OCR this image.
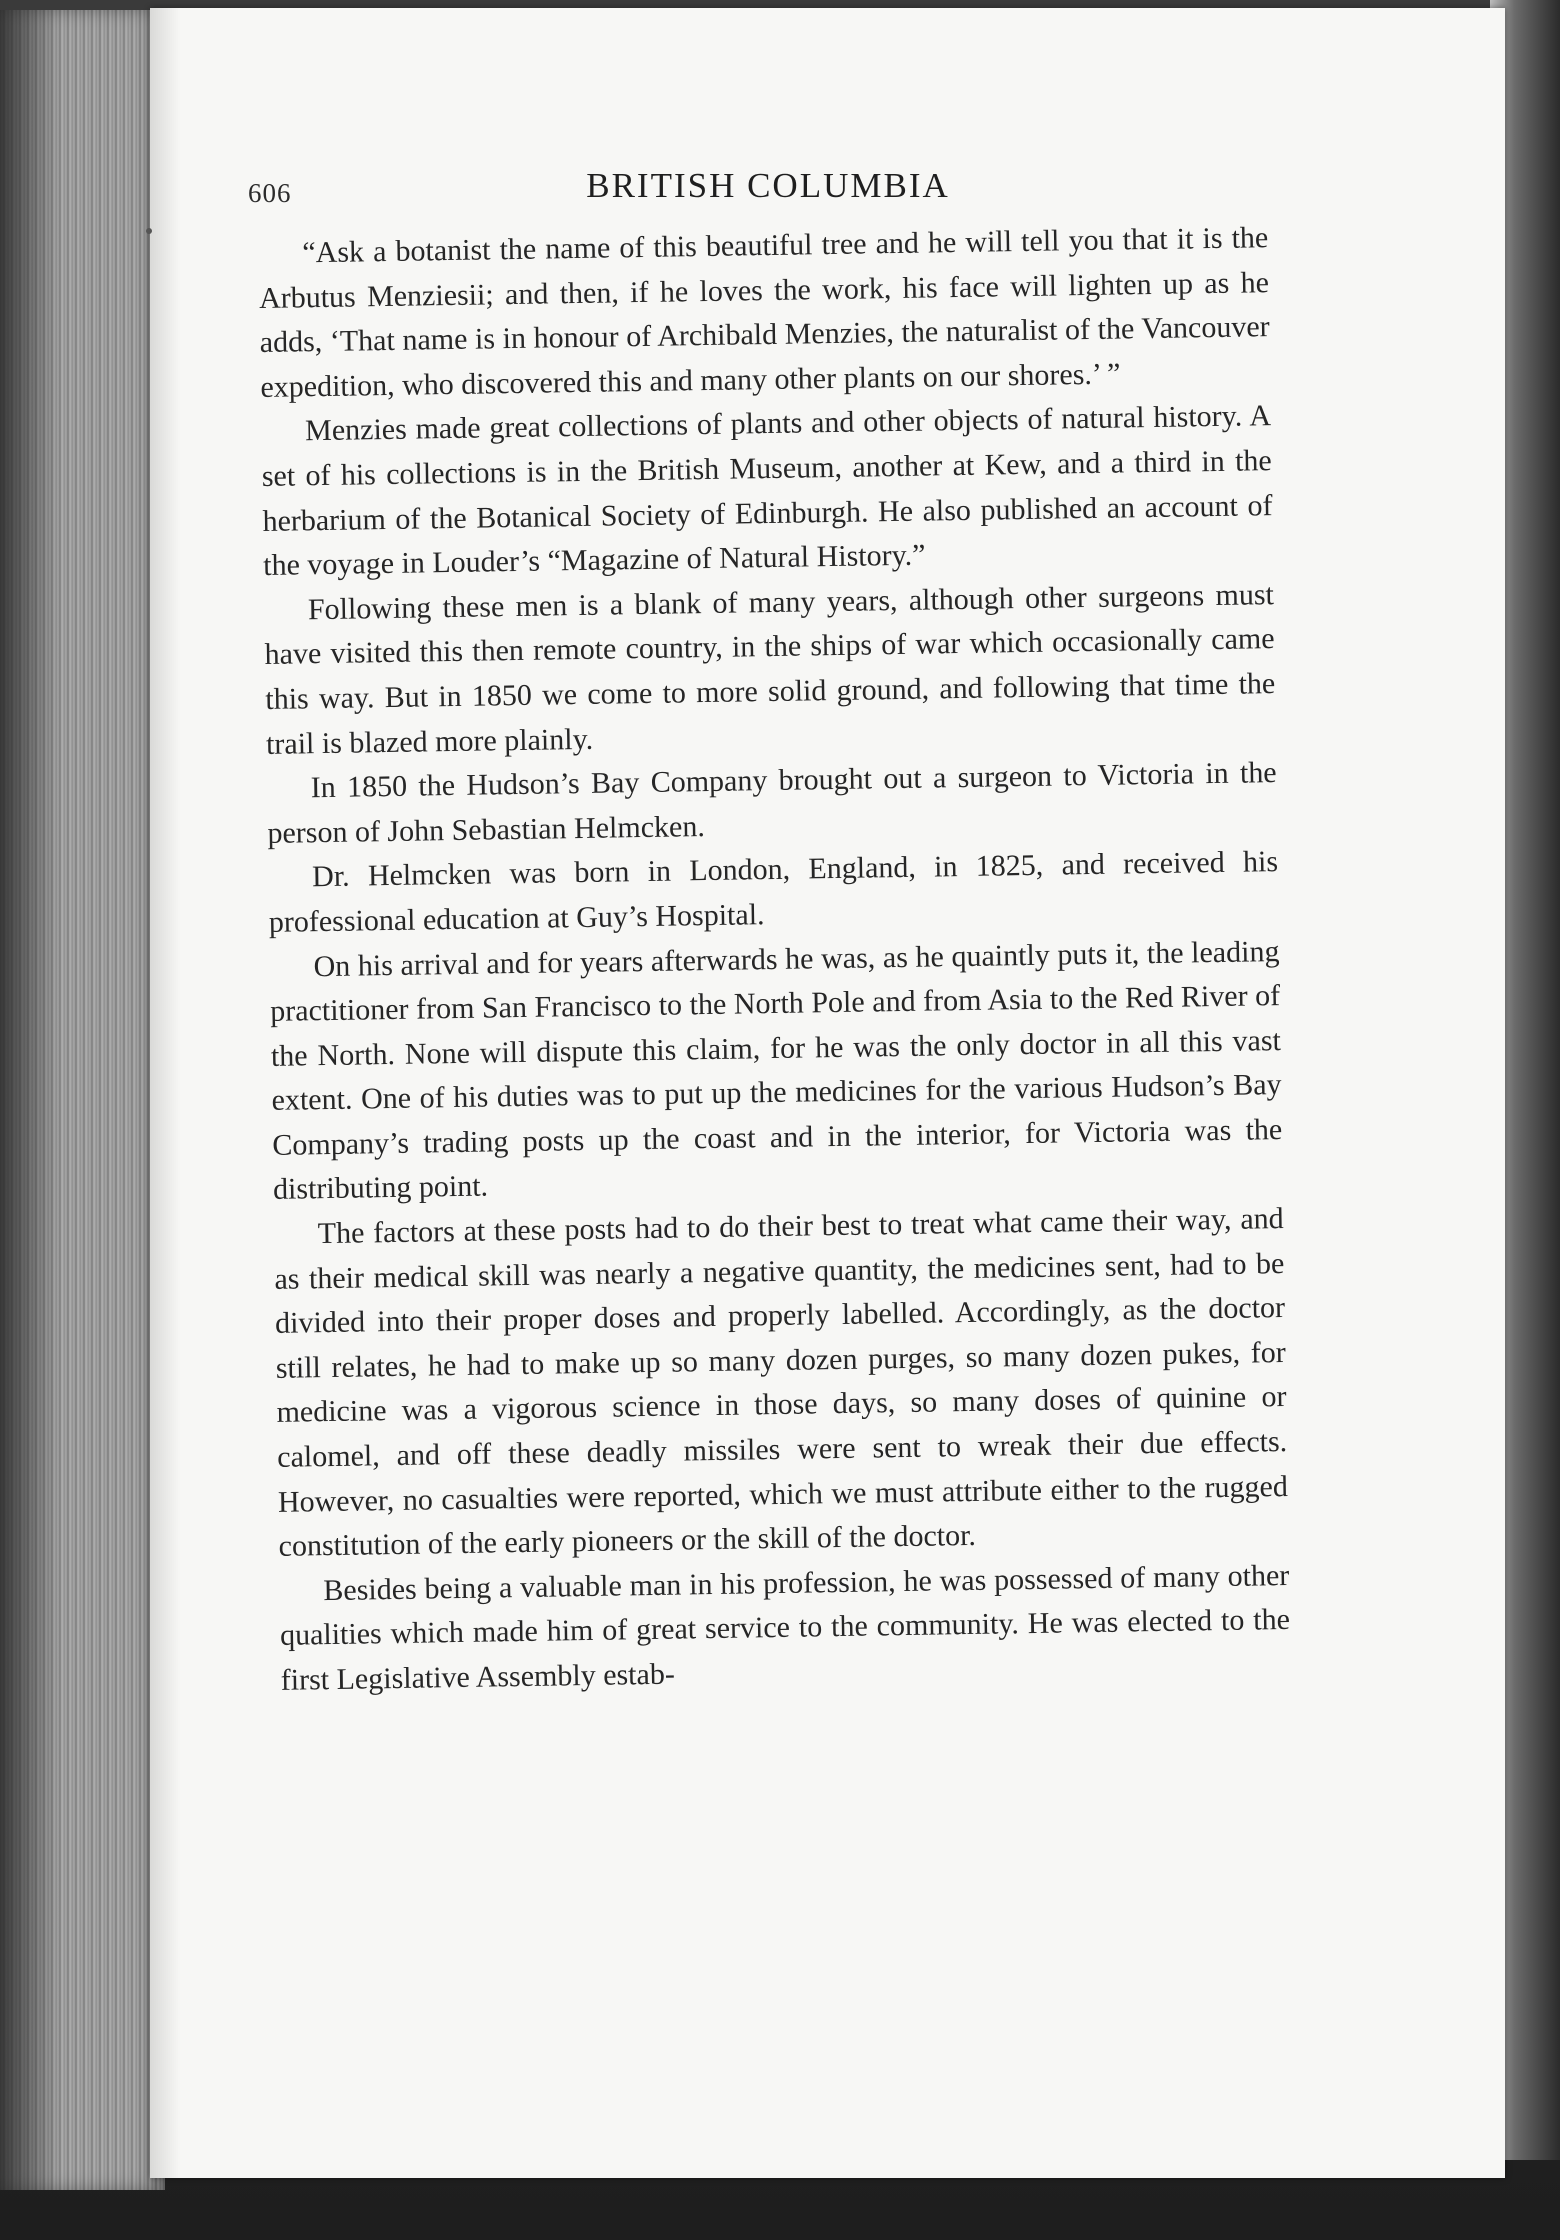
606	BRITISH COLUMBIA

“Ask a botanist the name of this beautiful tree and he will tell you that it is the Arbutus Menziesii; and then, if he loves the work, his face will lighten up as he adds, ‘That name is in honour of Archibald Menzies, the naturalist of the Vancouver expedition, who discovered this and many other plants on our shores.’ ”

Menzies made great collections of plants and other objects of natural history. A set of his collections is in the British Museum, another at Kew, and a third in the herbarium of the Botanical Society of Edinburgh. He also published an account of the voyage in Louder’s “Magazine of Natural History.”

Following these men is a blank of many years, although other surgeons must have visited this then remote country, in the ships of war which occasionally came this way. But in 1850 we come to more solid ground, and following that time the trail is blazed more plainly.

In 1850 the Hudson’s Bay Company brought out a surgeon to Victoria in the person of John Sebastian Helmcken.

Dr. Helmcken was born in London, England, in 1825, and received his professional education at Guy’s Hospital.

On his arrival and for years afterwards he was, as he quaintly puts it, the leading practitioner from San Francisco to the North Pole and from Asia to the Red River of the North. None will dispute this claim, for he was the only doctor in all this vast extent. One of his duties was to put up the medicines for the various Hudson’s Bay Company’s trading posts up the coast and in the interior, for Victoria was the distributing point.

The factors at these posts had to do their best to treat what came their way, and as their medical skill was nearly a negative quantity, the medicines sent, had to be divided into their proper doses and properly labelled. Accordingly, as the doctor still relates, he had to make up so many dozen purges, so many dozen pukes, for medicine was a vigorous science in those days, so many doses of quinine or calomel, and off these deadly missiles were sent to wreak their due effects. However, no casualties were reported, which we must attribute either to the rugged constitution of the early pioneers or the skill of the doctor.

Besides being a valuable man in his profession, he was possessed of many other qualities which made him of great service to the community. He was elected to the first Legislative Assembly estab-
